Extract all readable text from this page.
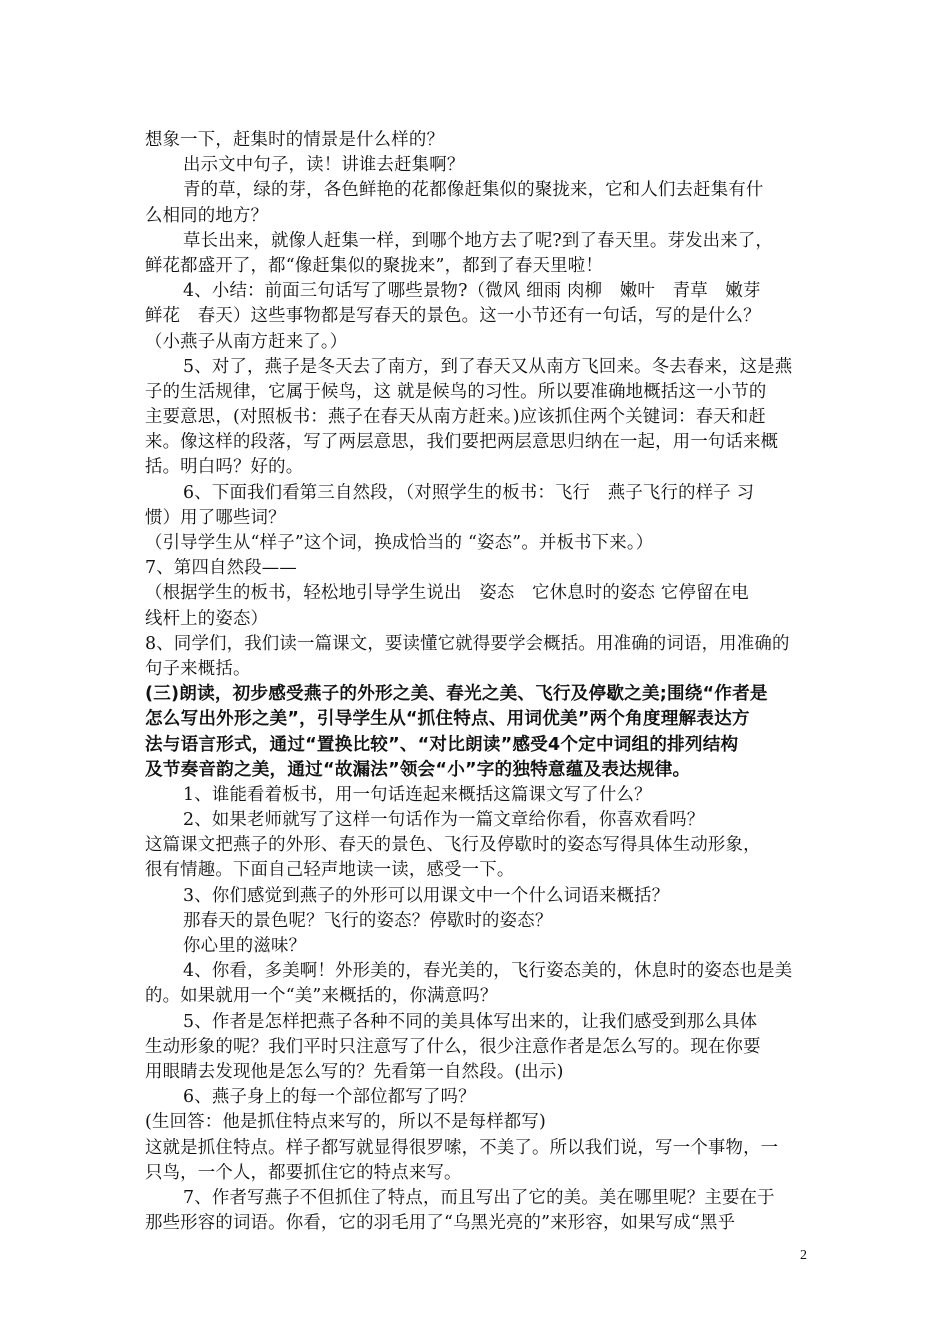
想象一下，赶集时的情景是什么样的？
出示文中句子，读！讲谁去赶集啊？
青的草，绿的芽，各色鲜艳的花都像赶集似的聚拢来，它和人们去赶集有什
么相同的地方？
草长出来，就像人赶集一样，到哪个地方去了呢?到了春天里。芽发出来了，
鲜花都盛开了，都“像赶集似的聚拢来”，都到了春天里啦！
4、小结：前面三句话写了哪些景物?（微风 细雨 肉柳　嫩叶　青草　嫩芽
鲜花　春天）这些事物都是写春天的景色。这一小节还有一句话，写的是什么？
（小燕子从南方赶来了。）
5、对了，燕子是冬天去了南方，到了春天又从南方飞回来。冬去春来，这是燕
子的生活规律，它属于候鸟，这 就是候鸟的习性。所以要准确地概括这一小节的
主要意思，(对照板书：燕子在春天从南方赶来。)应该抓住两个关键词：春天和赶
来。像这样的段落，写了两层意思，我们要把两层意思归纳在一起，用一句话来概
括。明白吗？好的。
6、下面我们看第三自然段，（对照学生的板书：飞行　燕子飞行的样子 习
惯）用了哪些词？
（引导学生从“样子”这个词，换成恰当的 “姿态”。并板书下来。）
7、第四自然段——
（根据学生的板书，轻松地引导学生说出　姿态　它休息时的姿态 它停留在电
线杆上的姿态）
8、同学们，我们读一篇课文，要读懂它就得要学会概括。用准确的词语，用准确的
句子来概括。
(三)朗读，初步感受燕子的外形之美、春光之美、飞行及停歇之美;围绕“作者是
怎么写出外形之美”，引导学生从“抓住特点、用词优美”两个角度理解表达方
法与语言形式，通过“置换比较”、“对比朗读”感受4个定中词组的排列结构
及节奏音韵之美，通过“故漏法”领会“小”字的独特意蕴及表达规律。
1、谁能看着板书，用一句话连起来概括这篇课文写了什么？
2、如果老师就写了这样一句话作为一篇文章给你看，你喜欢看吗？
这篇课文把燕子的外形、春天的景色、飞行及停歇时的姿态写得具体生动形象，
很有情趣。下面自己轻声地读一读，感受一下。
3、你们感觉到燕子的外形可以用课文中一个什么词语来概括？
那春天的景色呢？飞行的姿态？停歇时的姿态？
你心里的滋味？
4、你看，多美啊！外形美的，春光美的，飞行姿态美的，休息时的姿态也是美
的。如果就用一个“美”来概括的，你满意吗？
5、作者是怎样把燕子各种不同的美具体写出来的，让我们感受到那么具体
生动形象的呢？我们平时只注意写了什么，很少注意作者是怎么写的。现在你要
用眼睛去发现他是怎么写的？先看第一自然段。(出示)
6、燕子身上的每一个部位都写了吗？
(生回答：他是抓住特点来写的，所以不是每样都写)
这就是抓住特点。样子都写就显得很罗嗦，不美了。所以我们说，写一个事物，一
只鸟，一个人，都要抓住它的特点来写。
7、作者写燕子不但抓住了特点，而且写出了它的美。美在哪里呢？主要在于
那些形容的词语。你看，它的羽毛用了“乌黑光亮的”来形容，如果写成“黑乎
2
